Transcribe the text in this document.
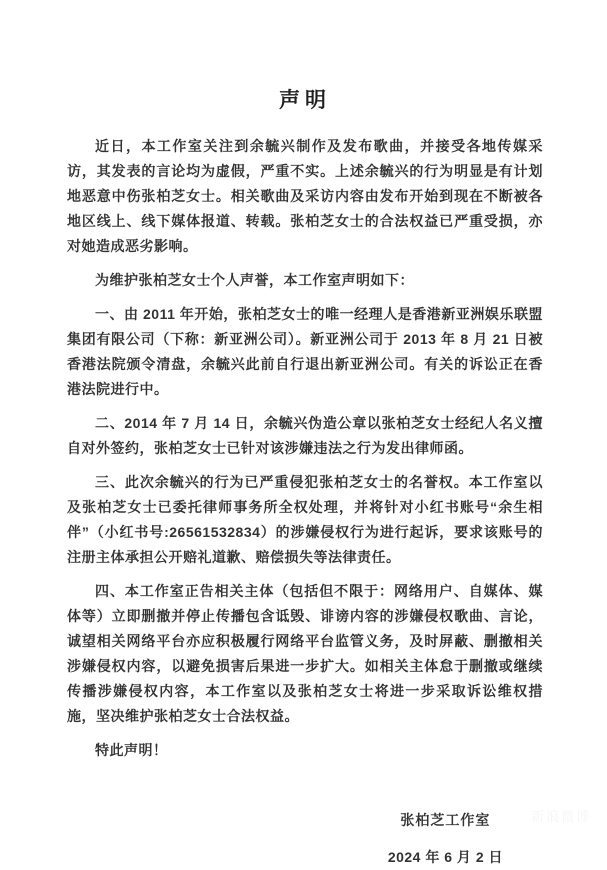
声明

近日，本工作室关注到余毓兴制作及发布歌曲，并接受各地传媒采访，其发表的言论均为虚假，严重不实。上述余毓兴的行为明显是有计划地恶意中伤张柏芝女士。相关歌曲及采访内容由发布开始到现在不断被各地区线上、线下媒体报道、转载。张柏芝女士的合法权益已严重受损，亦对她造成恶劣影响。

为维护张柏芝女士个人声誉，本工作室声明如下：

一、由 2011 年开始，张柏芝女士的唯一经理人是香港新亚洲娱乐联盟集团有限公司（下称：新亚洲公司）。新亚洲公司于 2013 年 8 月 21 日被香港法院颁令清盘，余毓兴此前自行退出新亚洲公司。有关的诉讼正在香港法院进行中。

二、2014 年 7 月 14 日，余毓兴伪造公章以张柏芝女士经纪人名义擅自对外签约，张柏芝女士已针对该涉嫌违法之行为发出律师函。

三、此次余毓兴的行为已严重侵犯张柏芝女士的名誉权。本工作室以及张柏芝女士已委托律师事务所全权处理，并将针对小红书账号“余生相伴”（小红书号:26561532834）的涉嫌侵权行为进行起诉，要求该账号的注册主体承担公开赔礼道歉、赔偿损失等法律责任。

四、本工作室正告相关主体（包括但不限于：网络用户、自媒体、媒体等）立即删撤并停止传播包含诋毁、诽谤内容的涉嫌侵权歌曲、言论，诚望相关网络平台亦应积极履行网络平台监管义务，及时屏蔽、删撤相关涉嫌侵权内容，以避免损害后果进一步扩大。如相关主体怠于删撤或继续传播涉嫌侵权内容，本工作室以及张柏芝女士将进一步采取诉讼维权措施，坚决维护张柏芝女士合法权益。

特此声明！

张柏芝工作室

2024 年 6 月 2 日
